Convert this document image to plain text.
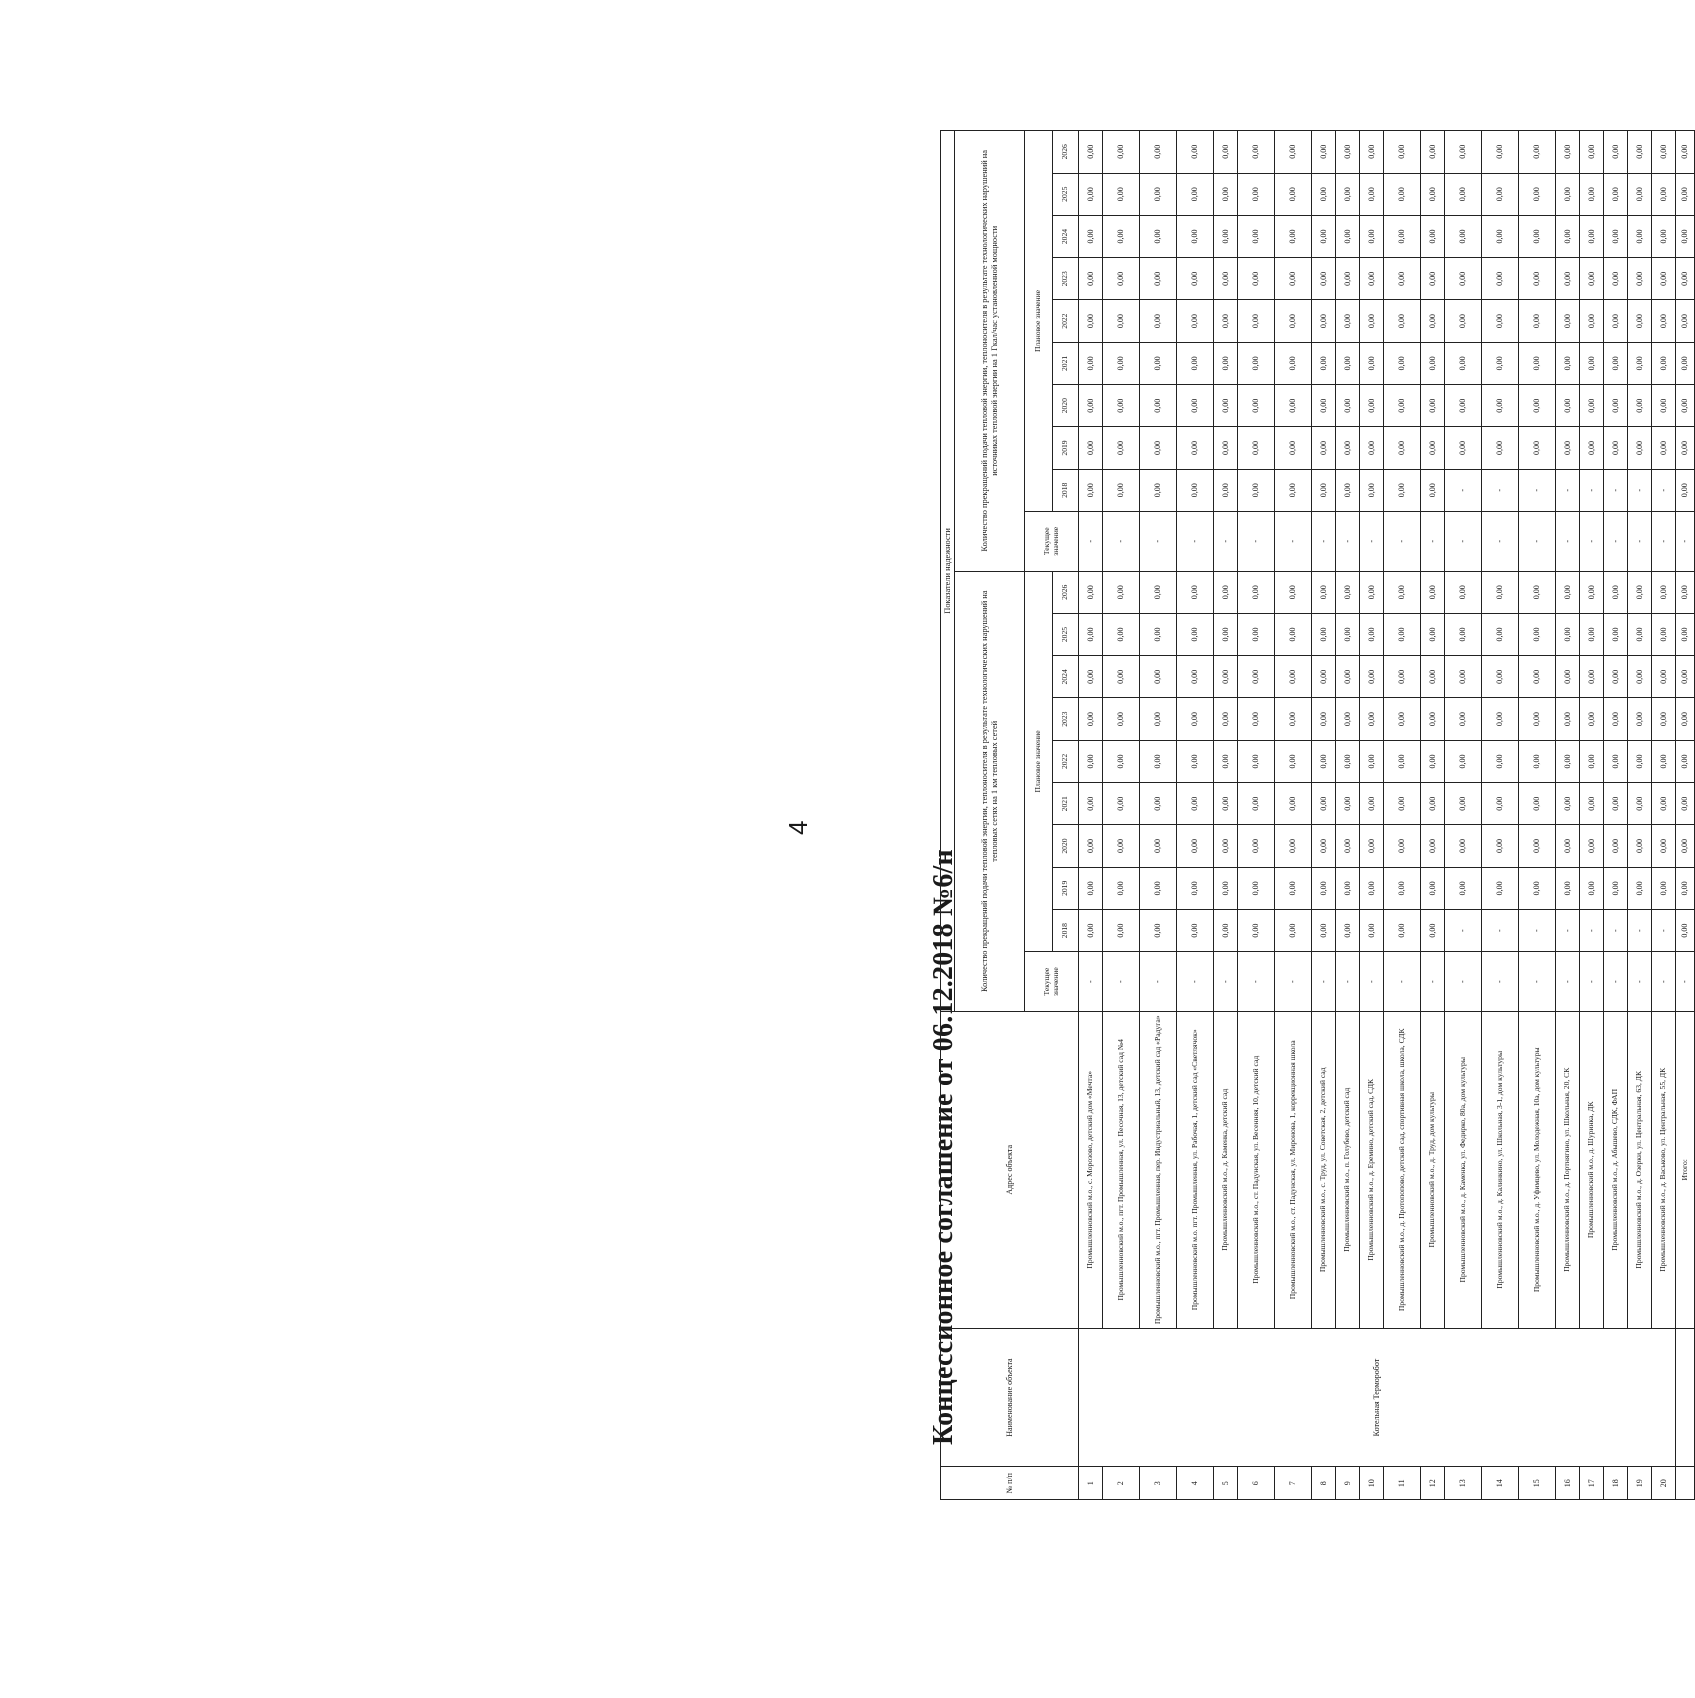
4
Концессионное соглашение от 06.12.2018 №6/н
№ п/п	Наименование объекта	Адрес объекта	Показатели надежности																			
			Количество прекращений подачи тепловой энергии, теплоносителя в результате технологических нарушений на тепловых сетях на 1 км тепловых сетей										Количество прекращений подачи тепловой энергии, теплоносителя в результате технологических нарушений на источниках тепловой энергии на 1 Гкал/час установленной мощности									
			Текущее значение	Плановое значение									Текущее значение	Плановое значение								
				2018	2019	2020	2021	2022	2023	2024	2025	2026		2018	2019	2020	2021	2022	2023	2024	2025	2026
1	Котельная Терморобот	Промышленновский м.о., с. Морозово, детский дом «Мечта»	-	0,00	0,00	0,00	0,00	0,00	0,00	0,00	0,00	0,00	-	0,00	0,00	0,00	0,00	0,00	0,00	0,00	0,00	0,00
2		Промышленновский м.о., пгт. Промышленная, ул. Песочная, 13, детский сад №4	-	0,00	0,00	0,00	0,00	0,00	0,00	0,00	0,00	0,00	-	0,00	0,00	0,00	0,00	0,00	0,00	0,00	0,00	0,00
3		Промышленновский м.о., пгт. Промышленная, пер. Индустриальный, 13, детский сад «Радуга»	-	0,00	0,00	0,00	0,00	0,00	0,00	0,00	0,00	0,00	-	0,00	0,00	0,00	0,00	0,00	0,00	0,00	0,00	0,00
4		Промышленновский м.о. пгт. Промышленная, ул. Рабочая, 1, детский сад «Светлячок»	-	0,00	0,00	0,00	0,00	0,00	0,00	0,00	0,00	0,00	-	0,00	0,00	0,00	0,00	0,00	0,00	0,00	0,00	0,00
5		Промышленновский м.о., д. Каменка, детский сад	-	0,00	0,00	0,00	0,00	0,00	0,00	0,00	0,00	0,00	-	0,00	0,00	0,00	0,00	0,00	0,00	0,00	0,00	0,00
6		Промышленновский м.о., ст. Падунская, ул. Весенняя, 10, детский сад	-	0,00	0,00	0,00	0,00	0,00	0,00	0,00	0,00	0,00	-	0,00	0,00	0,00	0,00	0,00	0,00	0,00	0,00	0,00
7		Промышленновский м.о., ст. Падунская, ул. Миронова, 1, коррекционная школа	-	0,00	0,00	0,00	0,00	0,00	0,00	0,00	0,00	0,00	-	0,00	0,00	0,00	0,00	0,00	0,00	0,00	0,00	0,00
8		Промышленновский м.о., с. Труд, ул. Советская, 2, детский сад	-	0,00	0,00	0,00	0,00	0,00	0,00	0,00	0,00	0,00	-	0,00	0,00	0,00	0,00	0,00	0,00	0,00	0,00	0,00
9		Промышленновский м.о., п. Голубево, детский сад	-	0,00	0,00	0,00	0,00	0,00	0,00	0,00	0,00	0,00	-	0,00	0,00	0,00	0,00	0,00	0,00	0,00	0,00	0,00
10		Промышленновский м.о., д. Еремино, детский сад, СДК	-	0,00	0,00	0,00	0,00	0,00	0,00	0,00	0,00	0,00	-	0,00	0,00	0,00	0,00	0,00	0,00	0,00	0,00	0,00
11		Промышленновский м.о., д. Протопопово, детский сад, спортивная школа, школа, СДК	-	0,00	0,00	0,00	0,00	0,00	0,00	0,00	0,00	0,00	-	0,00	0,00	0,00	0,00	0,00	0,00	0,00	0,00	0,00
12		Промышленновский м.о., д. Труд, дом культуры	-	0,00	0,00	0,00	0,00	0,00	0,00	0,00	0,00	0,00	-	0,00	0,00	0,00	0,00	0,00	0,00	0,00	0,00	0,00
13		Промышленновский м.о., д. Каменка, ул. Федирко, 80а, дом культуры	-	-	0,00	0,00	0,00	0,00	0,00	0,00	0,00	0,00	-	-	0,00	0,00	0,00	0,00	0,00	0,00	0,00	0,00
14		Промышленновский м.о., д. Калинкино, ул. Школьная, 3-1, дом культуры	-	-	0,00	0,00	0,00	0,00	0,00	0,00	0,00	0,00	-	-	0,00	0,00	0,00	0,00	0,00	0,00	0,00	0,00
15		Промышленновский м.о., д. Уфимцево, ул. Молодежная, 10а, дом культуры	-	-	0,00	0,00	0,00	0,00	0,00	0,00	0,00	0,00	-	-	0,00	0,00	0,00	0,00	0,00	0,00	0,00	0,00
16		Промышленновский м.о., д. Портнягино, ул. Школьная, 20, СК	-	-	0,00	0,00	0,00	0,00	0,00	0,00	0,00	0,00	-	-	0,00	0,00	0,00	0,00	0,00	0,00	0,00	0,00
17		Промышленновский м.о., д. Шуринка, ДК	-	-	0,00	0,00	0,00	0,00	0,00	0,00	0,00	0,00	-	-	0,00	0,00	0,00	0,00	0,00	0,00	0,00	0,00
18		Промышленновский м.о., д. Абышево, СДК, ФАП	-	-	0,00	0,00	0,00	0,00	0,00	0,00	0,00	0,00	-	-	0,00	0,00	0,00	0,00	0,00	0,00	0,00	0,00
19		Промышленновский м.о., д. Озерки, ул. Центральная, 63, ДК	-	-	0,00	0,00	0,00	0,00	0,00	0,00	0,00	0,00	-	-	0,00	0,00	0,00	0,00	0,00	0,00	0,00	0,00
20		Промышленновский м.о., д. Васьково, ул. Центральная, 55, ДК	-	-	0,00	0,00	0,00	0,00	0,00	0,00	0,00	0,00	-	-	0,00	0,00	0,00	0,00	0,00	0,00	0,00	0,00
		Итого:	-	0,00	0,00	0,00	0,00	0,00	0,00	0,00	0,00	0,00	-	0,00	0,00	0,00	0,00	0,00	0,00	0,00	0,00	0,00
